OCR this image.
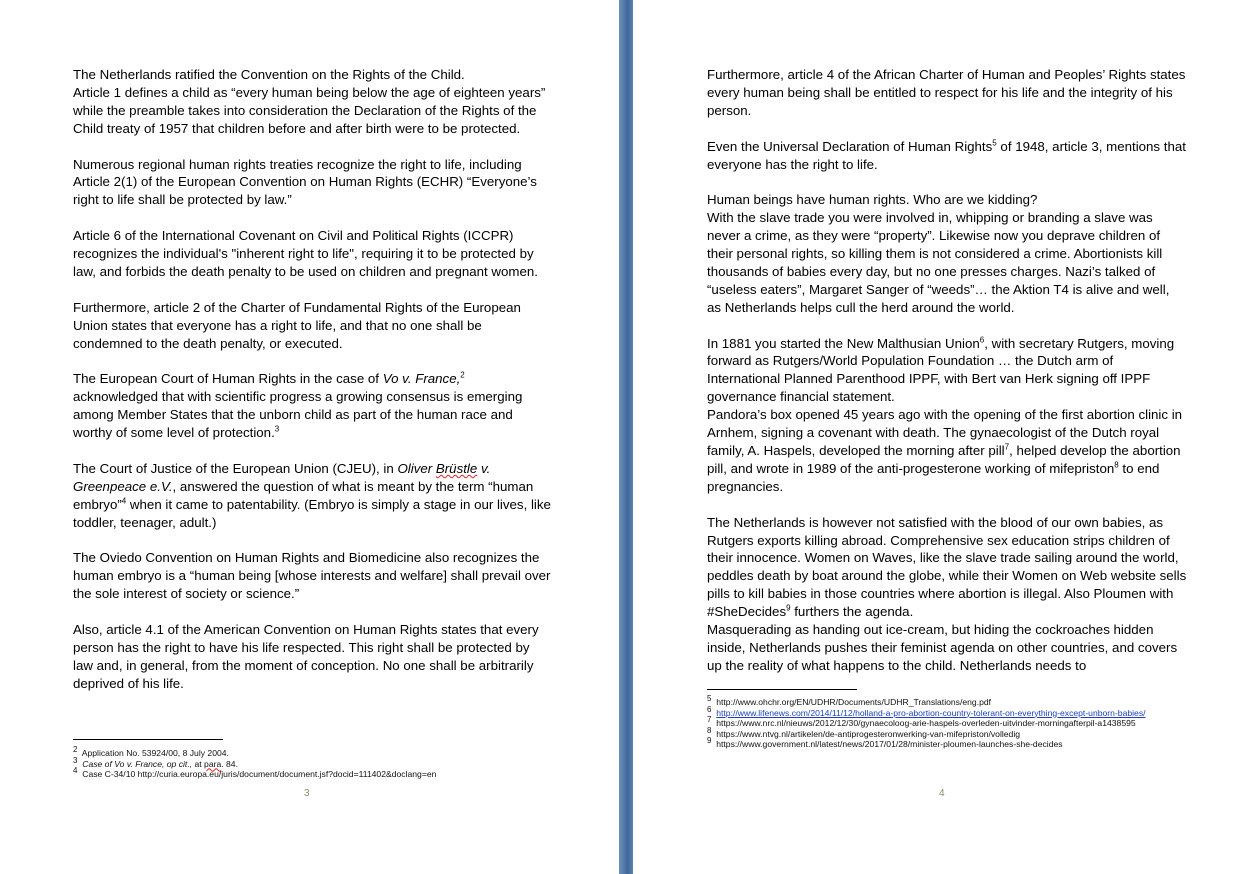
The Netherlands ratified the Convention on the Rights of the Child.
Article 1 defines a child as “every human being below the age of eighteen years” while the preamble takes into consideration the Declaration of the Rights of the Child treaty of 1957 that children before and after birth were to be protected.

Numerous regional human rights treaties recognize the right to life, including Article 2(1) of the European Convention on Human Rights (ECHR) “Everyone’s right to life shall be protected by law.”

Article 6 of the International Covenant on Civil and Political Rights (ICCPR) recognizes the individual's "inherent right to life", requiring it to be protected by law, and forbids the death penalty to be used on children and pregnant women.

Furthermore, article 2 of the Charter of Fundamental Rights of the European Union states that everyone has a right to life, and that no one shall be condemned to the death penalty, or executed.

The European Court of Human Rights in the case of Vo v. France,$^2$ acknowledged that with scientific progress a growing consensus is emerging among Member States that the unborn child as part of the human race and worthy of some level of protection.$^3$

The Court of Justice of the European Union (CJEU), in Oliver Brüstle v. Greenpeace e.V., answered the question of what is meant by the term “human embryo”$^4$ when it came to patentability. (Embryo is simply a stage in our lives, like toddler, teenager, adult.)

The Oviedo Convention on Human Rights and Biomedicine also recognizes the human embryo is a “human being [whose interests and welfare] shall prevail over the sole interest of society or science.”

Also, article 4.1 of the American Convention on Human Rights states that every person has the right to have his life respected. This right shall be protected by law and, in general, from the moment of conception. No one shall be arbitrarily deprived of his life.

$^2$ Application No. 53924/00, 8 July 2004.
$^3$ Case of Vo v. France, op cit., at para. 84.
$^4$ Case C-34/10 http://curia.europa.eu/juris/document/document.jsf?docid=111402&doclang=en
3

Furthermore, article 4 of the African Charter of Human and Peoples’ Rights states every human being shall be entitled to respect for his life and the integrity of his person.

Even the Universal Declaration of Human Rights$^5$ of 1948, article 3, mentions that everyone has the right to life.

Human beings have human rights. Who are we kidding?
With the slave trade you were involved in, whipping or branding a slave was never a crime, as they were “property”. Likewise now you deprave children of their personal rights, so killing them is not considered a crime. Abortionists kill thousands of babies every day, but no one presses charges. Nazi’s talked of “useless eaters”, Margaret Sanger of “weeds”… the Aktion T4 is alive and well, as Netherlands helps cull the herd around the world.

In 1881 you started the New Malthusian Union$^6$, with secretary Rutgers, moving forward as Rutgers/World Population Foundation … the Dutch arm of International Planned Parenthood IPPF, with Bert van Herk signing off IPPF governance financial statement.

Pandora’s box opened 45 years ago with the opening of the first abortion clinic in Arnhem, signing a covenant with death. The gynaecologist of the Dutch royal family, A. Haspels, developed the morning after pill$^7$, helped develop the abortion pill, and wrote in 1989 of the anti-progesterone working of mifepriston$^8$ to end pregnancies.

The Netherlands is however not satisfied with the blood of our own babies, as Rutgers exports killing abroad. Comprehensive sex education strips children of their innocence. Women on Waves, like the slave trade sailing around the world, peddles death by boat around the globe, while their Women on Web website sells pills to kill babies in those countries where abortion is illegal. Also Ploumen with #SheDecides$^9$ furthers the agenda.

Masquerading as handing out ice-cream, but hiding the cockroaches hidden inside, Netherlands pushes their feminist agenda on other countries, and covers up the reality of what happens to the child. Netherlands needs to

$^5$ http://www.ohchr.org/EN/UDHR/Documents/UDHR_Translations/eng.pdf
$^6$ http://www.lifenews.com/2014/11/12/holland-a-pro-abortion-country-tolerant-on-everything-except-unborn-babies/
$^7$ https://www.nrc.nl/nieuws/2012/12/30/gynaecoloog-arie-haspels-overleden-uitvinder-morningafterpil-a1438595
$^8$ https://www.ntvg.nl/artikelen/de-antiprogesteronwerking-van-mifepriston/volledig
$^9$ https://www.government.nl/latest/news/2017/01/28/minister-ploumen-launches-she-decides
4
